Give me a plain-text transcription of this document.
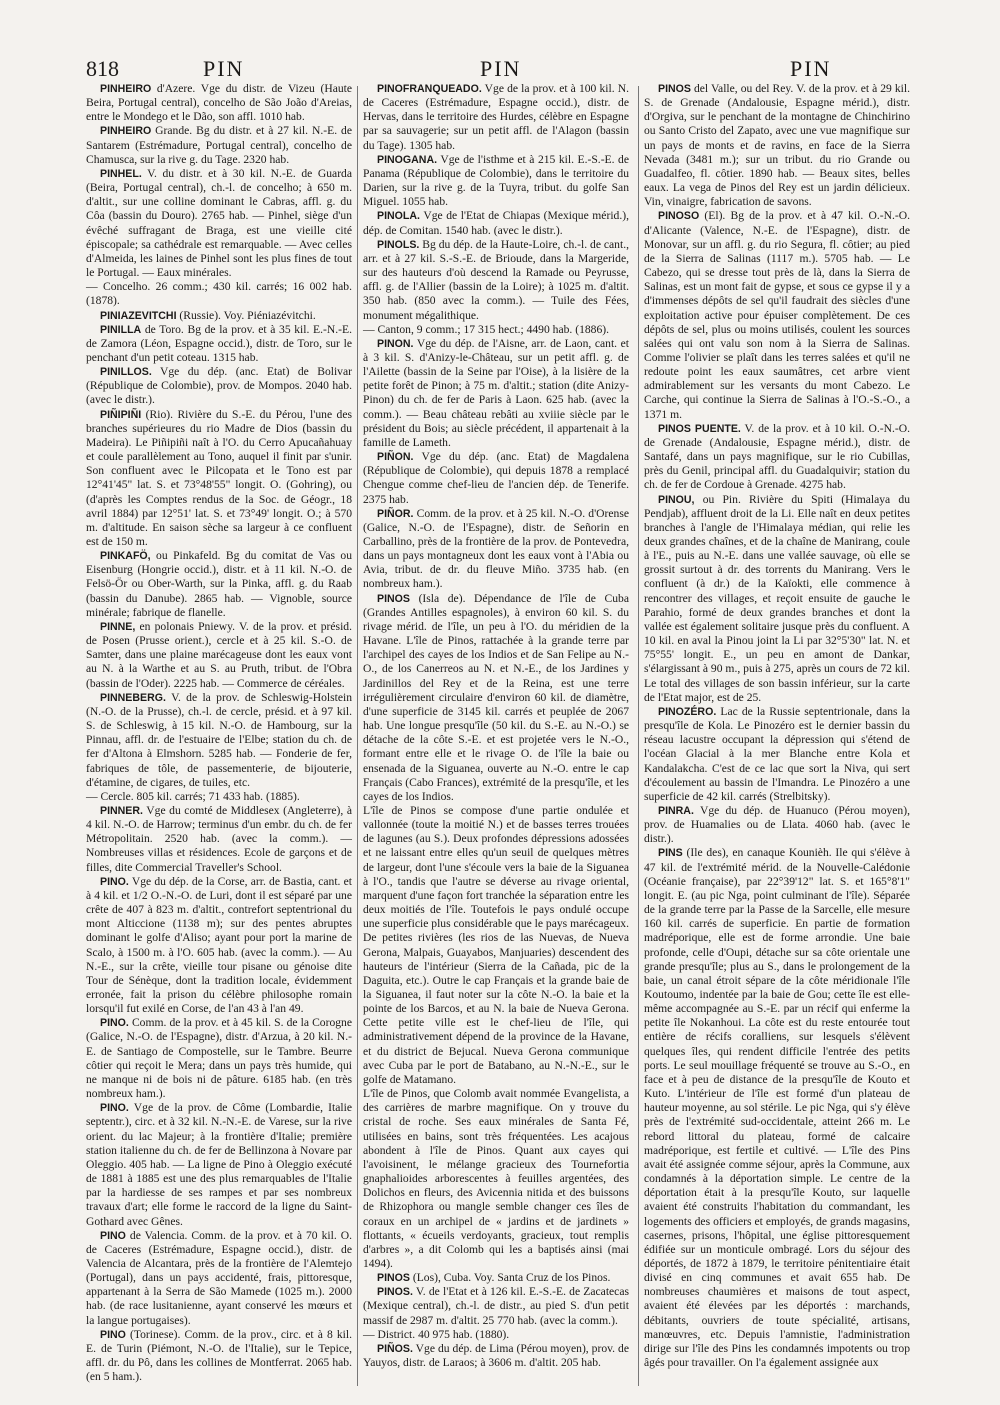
818	PIN	PIN	PIN

PINHEIRO d'Azere. Vge du distr. de Vizeu (Haute Beira, Portugal central), concelho de São João d'Areias, entre le Mondego et le Dão, son affl. 1010 hab.

PINHEIRO Grande. Bg du distr. et à 27 kil. N.-E. de Santarem (Estrémadure, Portugal central), concelho de Chamusca, sur la rive g. du Tage. 2320 hab.

PINHEL. V. du distr. et à 30 kil. N.-E. de Guarda (Beira, Portugal central), ch.-l. de concelho; à 650 m. d'altit., sur une colline dominant le Cabras, affl. g. du Côa (bassin du Douro). 2765 hab. — Pinhel, siège d'un évêché suffragant de Braga, est une vieille cité épiscopale; sa cathédrale est remarquable. — Avec celles d'Almeida, les laines de Pinhel sont les plus fines de tout le Portugal. — Eaux minérales.

— Concelho. 26 comm.; 430 kil. carrés; 16 002 hab. (1878).

PINIAZEVITCHI (Russie). Voy. Piéniazévitchi.

PINILLA de Toro. Bg de la prov. et à 35 kil. E.-N.-E. de Zamora (Léon, Espagne occid.), distr. de Toro, sur le penchant d'un petit coteau. 1315 hab.

PINILLOS. Vge du dép. (anc. Etat) de Bolivar (République de Colombie), prov. de Mompos. 2040 hab. (avec le distr.).

PIÑIPIÑI (Rio). Rivière du S.-E. du Pérou, l'une des branches supérieures du rio Madre de Dios (bassin du Madeira). Le Piñipiñi naît à l'O. du Cerro Apucañahuay et coule parallèlement au Tono, auquel il finit par s'unir. Son confluent avec le Pilcopata et le Tono est par 12°41'45" lat. S. et 73°48'55" longit. O. (Gohring), ou (d'après les Comptes rendus de la Soc. de Géogr., 18 avril 1884) par 12°51' lat. S. et 73°49' longit. O.; à 570 m. d'altitude. En saison sèche sa largeur à ce confluent est de 150 m.

PINKAFÖ, ou Pinkafeld. Bg du comitat de Vas ou Eisenburg (Hongrie occid.), distr. et à 11 kil. N.-O. de Felsö-Ör ou Ober-Warth, sur la Pinka, affl. g. du Raab (bassin du Danube). 2865 hab. — Vignoble, source minérale; fabrique de flanelle.

PINNE, en polonais Pniewy. V. de la prov. et présid. de Posen (Prusse orient.), cercle et à 25 kil. S.-O. de Samter, dans une plaine marécageuse dont les eaux vont au N. à la Warthe et au S. au Pruth, tribut. de l'Obra (bassin de l'Oder). 2225 hab. — Commerce de céréales.

PINNEBERG. V. de la prov. de Schleswig-Holstein (N.-O. de la Prusse), ch.-l. de cercle, présid. et à 97 kil. S. de Schleswig, à 15 kil. N.-O. de Hambourg, sur la Pinnau, affl. dr. de l'estuaire de l'Elbe; station du ch. de fer d'Altona à Elmshorn. 5285 hab. — Fonderie de fer, fabriques de tôle, de passementerie, de bijouterie, d'étamine, de cigares, de tuiles, etc.

— Cercle. 805 kil. carrés; 71 433 hab. (1885).

PINNER. Vge du comté de Middlesex (Angleterre), à 4 kil. N.-O. de Harrow; terminus d'un embr. du ch. de fer Métropolitain. 2520 hab. (avec la comm.). — Nombreuses villas et résidences. Ecole de garçons et de filles, dite Commercial Traveller's School.

PINO. Vge du dép. de la Corse, arr. de Bastia, cant. et à 4 kil. et 1/2 O.-N.-O. de Luri, dont il est séparé par une crête de 407 à 823 m. d'altit., contrefort septentrional du mont Alticcione (1138 m); sur des pentes abruptes dominant le golfe d'Aliso; ayant pour port la marine de Scalo, à 1500 m. à l'O. 605 hab. (avec la comm.). — Au N.-E., sur la crête, vieille tour pisane ou génoise dite Tour de Sénèque, dont la tradition locale, évidemment erronée, fait la prison du célèbre philosophe romain lorsqu'il fut exilé en Corse, de l'an 43 à l'an 49.

PINO. Comm. de la prov. et à 45 kil. S. de la Corogne (Galice, N.-O. de l'Espagne), distr. d'Arzua, à 20 kil. N.-E. de Santiago de Compostelle, sur le Tambre. Beurre côtier qui reçoit le Mera; dans un pays très humide, qui ne manque ni de bois ni de pâture. 6185 hab. (en très nombreux ham.).

PINO. Vge de la prov. de Côme (Lombardie, Italie septentr.), circ. et à 32 kil. N.-N.-E. de Varese, sur la rive orient. du lac Majeur; à la frontière d'Italie; première station italienne du ch. de fer de Bellinzona à Novare par Oleggio. 405 hab. — La ligne de Pino à Oleggio exécuté de 1881 à 1885 est une des plus remarquables de l'Italie par la hardiesse de ses rampes et par ses nombreux travaux d'art; elle forme le raccord de la ligne du Saint-Gothard avec Gênes.

PINO de Valencia. Comm. de la prov. et à 70 kil. O. de Caceres (Estrémadure, Espagne occid.), distr. de Valencia de Alcantara, près de la frontière de l'Alemtejo (Portugal), dans un pays accidenté, frais, pittoresque, appartenant à la Serra de São Mamede (1025 m.). 2000 hab. (de race lusitanienne, ayant conservé les mœurs et la langue portugaises).

PINO (Torinese). Comm. de la prov., circ. et à 8 kil. E. de Turin (Piémont, N.-O. de l'Italie), sur le Tepice, affl. dr. du Pô, dans les collines de Montferrat. 2065 hab. (en 5 ham.).

PINOFRANQUEADO. Vge de la prov. et à 100 kil. N. de Caceres (Estrémadure, Espagne occid.), distr. de Hervas, dans le territoire des Hurdes, célèbre en Espagne par sa sauvagerie; sur un petit affl. de l'Alagon (bassin du Tage). 1305 hab.

PINOGANA. Vge de l'isthme et à 215 kil. E.-S.-E. de Panama (République de Colombie), dans le territoire du Darien, sur la rive g. de la Tuyra, tribut. du golfe San Miguel. 1055 hab.

PINOLA. Vge de l'Etat de Chiapas (Mexique mérid.), dép. de Comitan. 1540 hab. (avec le distr.).

PINOLS. Bg du dép. de la Haute-Loire, ch.-l. de cant., arr. et à 27 kil. S.-S.-E. de Brioude, dans la Margeride, sur des hauteurs d'où descend la Ramade ou Peyrusse, affl. g. de l'Allier (bassin de la Loire); à 1025 m. d'altit. 350 hab. (850 avec la comm.). — Tuile des Fées, monument mégalithique.

— Canton, 9 comm.; 17 315 hect.; 4490 hab. (1886).

PINON. Vge du dép. de l'Aisne, arr. de Laon, cant. et à 3 kil. S. d'Anizy-le-Château, sur un petit affl. g. de l'Ailette (bassin de la Seine par l'Oise), à la lisière de la petite forêt de Pinon; à 75 m. d'altit.; station (dite Anizy-Pinon) du ch. de fer de Paris à Laon. 625 hab. (avec la comm.). — Beau château rebâti au xviiie siècle par le président du Bois; au siècle précédent, il appartenait à la famille de Lameth.

PIÑON. Vge du dép. (anc. Etat) de Magdalena (République de Colombie), qui depuis 1878 a remplacé Chengue comme chef-lieu de l'ancien dép. de Tenerife. 2375 hab.

PIÑOR. Comm. de la prov. et à 25 kil. N.-O. d'Orense (Galice, N.-O. de l'Espagne), distr. de Señorin en Carballino, près de la frontière de la prov. de Pontevedra, dans un pays montagneux dont les eaux vont à l'Abia ou Avia, tribut. de dr. du fleuve Miño. 3735 hab. (en nombreux ham.).

PINOS (Isla de). Dépendance de l'île de Cuba (Grandes Antilles espagnoles), à environ 60 kil. S. du rivage mérid. de l'île, un peu à l'O. du méridien de la Havane. L'île de Pinos, rattachée à la grande terre par l'archipel des cayes de los Indios et de San Felipe au N.-O., de los Canerreos au N. et N.-E., de los Jardines y Jardinillos del Rey et de la Reina, est une terre irrégulièrement circulaire d'environ 60 kil. de diamètre, d'une superficie de 3145 kil. carrés et peuplée de 2067 hab. Une longue presqu'île (50 kil. du S.-E. au N.-O.) se détache de la côte S.-E. et est projetée vers le N.-O., formant entre elle et le rivage O. de l'île la baie ou ensenada de la Siguanea, ouverte au N.-O. entre le cap Français (Cabo Frances), extrémité de la presqu'île, et les cayes de los Indios.

L'île de Pinos se compose d'une partie ondulée et vallonnée (toute la moitié N.) et de basses terres trouées de lagunes (au S.). Deux profondes dépressions adossées et ne laissant entre elles qu'un seuil de quelques mètres de largeur, dont l'une s'écoule vers la baie de la Siguanea à l'O., tandis que l'autre se déverse au rivage oriental, marquent d'une façon fort tranchée la séparation entre les deux moitiés de l'île. Toutefois le pays ondulé occupe une superficie plus considérable que le pays marécageux. De petites rivières (les rios de las Nuevas, de Nueva Gerona, Malpais, Guayabos, Manjuaries) descendent des hauteurs de l'intérieur (Sierra de la Cañada, pic de la Daguita, etc.). Outre le cap Français et la grande baie de la Siguanea, il faut noter sur la côte N.-O. la baie et la pointe de los Barcos, et au N. la baie de Nueva Gerona. Cette petite ville est le chef-lieu de l'île, qui administrativement dépend de la province de la Havane, et du district de Bejucal. Nueva Gerona communique avec Cuba par le port de Batabano, au N.-N.-E., sur le golfe de Matamano.

L'île de Pinos, que Colomb avait nommée Evangelista, a des carrières de marbre magnifique. On y trouve du cristal de roche. Ses eaux minérales de Santa Fé, utilisées en bains, sont très fréquentées. Les acajous abondent à l'île de Pinos. Quant aux cayes qui l'avoisinent, le mélange gracieux des Tournefortia gnaphalioides arborescentes à feuilles argentées, des Dolichos en fleurs, des Avicennia nitida et des buissons de Rhizophora ou mangle semble changer ces îles de coraux en un archipel de « jardins et de jardinets » flottants, « écueils verdoyants, gracieux, tout remplis d'arbres », a dit Colomb qui les a baptisés ainsi (mai 1494).

PINOS (Los), Cuba. Voy. Santa Cruz de los Pinos.

PINOS. V. de l'Etat et à 126 kil. E.-S.-E. de Zacatecas (Mexique central), ch.-l. de distr., au pied S. d'un petit massif de 2987 m. d'altit. 25 770 hab. (avec la comm.).

— District. 40 975 hab. (1880).

PIÑOS. Vge du dép. de Lima (Pérou moyen), prov. de Yauyos, distr. de Laraos; à 3606 m. d'altit. 205 hab.

PINOS del Valle, ou del Rey. V. de la prov. et à 29 kil. S. de Grenade (Andalousie, Espagne mérid.), distr. d'Orgiva, sur le penchant de la montagne de Chinchirino ou Santo Cristo del Zapato, avec une vue magnifique sur un pays de monts et de ravins, en face de la Sierra Nevada (3481 m.); sur un tribut. du rio Grande ou Guadalfeo, fl. côtier. 1890 hab. — Beaux sites, belles eaux. La vega de Pinos del Rey est un jardin délicieux. Vin, vinaigre, fabrication de savons.

PINOSO (El). Bg de la prov. et à 47 kil. O.-N.-O. d'Alicante (Valence, N.-E. de l'Espagne), distr. de Monovar, sur un affl. g. du rio Segura, fl. côtier; au pied de la Sierra de Salinas (1117 m.). 5705 hab. — Le Cabezo, qui se dresse tout près de là, dans la Sierra de Salinas, est un mont fait de gypse, et sous ce gypse il y a d'immenses dépôts de sel qu'il faudrait des siècles d'une exploitation active pour épuiser complètement. De ces dépôts de sel, plus ou moins utilisés, coulent les sources salées qui ont valu son nom à la Sierra de Salinas. Comme l'olivier se plaît dans les terres salées et qu'il ne redoute point les eaux saumâtres, cet arbre vient admirablement sur les versants du mont Cabezo. Le Carche, qui continue la Sierra de Salinas à l'O.-S.-O., a 1371 m.

PINOS PUENTE. V. de la prov. et à 10 kil. O.-N.-O. de Grenade (Andalousie, Espagne mérid.), distr. de Santafé, dans un pays magnifique, sur le rio Cubillas, près du Genil, principal affl. du Guadalquivir; station du ch. de fer de Cordoue à Grenade. 4275 hab.

PINOU, ou Pin. Rivière du Spiti (Himalaya du Pendjab), affluent droit de la Li. Elle naît en deux petites branches à l'angle de l'Himalaya médian, qui relie les deux grandes chaînes, et de la chaîne de Manirang, coule à l'E., puis au N.-E. dans une vallée sauvage, où elle se grossit surtout à dr. des torrents du Manirang. Vers le confluent (à dr.) de la Kaïokti, elle commence à rencontrer des villages, et reçoit ensuite de gauche le Parahio, formé de deux grandes branches et dont la vallée est également solitaire jusque près du confluent. A 10 kil. en aval la Pinou joint la Li par 32°5'30" lat. N. et 75°55' longit. E., un peu en amont de Dankar, s'élargissant à 90 m., puis à 275, après un cours de 72 kil. Le total des villages de son bassin inférieur, sur la carte de l'Etat major, est de 25.

PINOZÉRO. Lac de la Russie septentrionale, dans la presqu'île de Kola. Le Pinozéro est le dernier bassin du réseau lacustre occupant la dépression qui s'étend de l'océan Glacial à la mer Blanche entre Kola et Kandalakcha. C'est de ce lac que sort la Niva, qui sert d'écoulement au bassin de l'Imandra. Le Pinozéro a une superficie de 42 kil. carrés (Strelbitsky).

PINRA. Vge du dép. de Huanuco (Pérou moyen), prov. de Huamalies ou de Llata. 4060 hab. (avec le distr.).

PINS (Ile des), en canaque Kounièh. Ile qui s'élève à 47 kil. de l'extrémité mérid. de la Nouvelle-Calédonie (Océanie française), par 22°39'12" lat. S. et 165°8'1" longit. E. (au pic Nga, point culminant de l'île). Séparée de la grande terre par la Passe de la Sarcelle, elle mesure 160 kil. carrés de superficie. En partie de formation madréporique, elle est de forme arrondie. Une baie profonde, celle d'Oupi, détache sur sa côte orientale une grande presqu'île; plus au S., dans le prolongement de la baie, un canal étroit sépare de la côte méridionale l'île Koutoumo, indentée par la baie de Gou; cette île est elle-même accompagnée au S.-E. par un récif qui enferme la petite île Nokanhoui. La côte est du reste entourée tout entière de récifs coralliens, sur lesquels s'élèvent quelques îles, qui rendent difficile l'entrée des petits ports. Le seul mouillage fréquenté se trouve au S.-O., en face et à peu de distance de la presqu'île de Kouto et Kuto. L'intérieur de l'île est formé d'un plateau de hauteur moyenne, au sol stérile. Le pic Nga, qui s'y élève près de l'extrémité sud-occidentale, atteint 266 m. Le rebord littoral du plateau, formé de calcaire madréporique, est fertile et cultivé. — L'île des Pins avait été assignée comme séjour, après la Commune, aux condamnés à la déportation simple. Le centre de la déportation était à la presqu'île Kouto, sur laquelle avaient été construits l'habitation du commandant, les logements des officiers et employés, de grands magasins, casernes, prisons, l'hôpital, une église pittoresquement édifiée sur un monticule ombragé. Lors du séjour des déportés, de 1872 à 1879, le territoire pénitentiaire était divisé en cinq communes et avait 655 hab. De nombreuses chaumières et maisons de tout aspect, avaient été élevées par les déportés : marchands, débitants, ouvriers de toute spécialité, artisans, manœuvres, etc. Depuis l'amnistie, l'administration dirige sur l'île des Pins les condamnés impotents ou trop âgés pour travailler. On l'a également assignée aux
